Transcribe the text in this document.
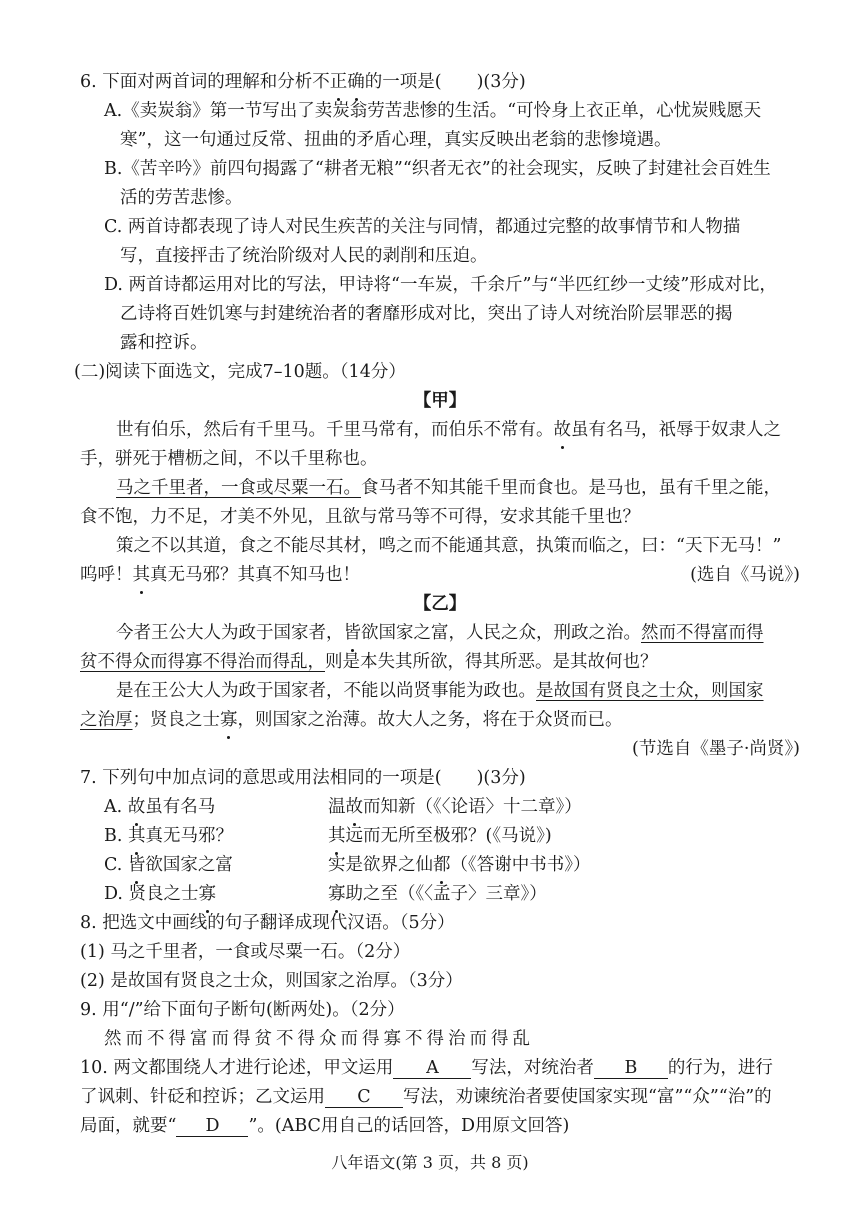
6. 下面对两首词的理解和分析不正确的一项是(　　)(3分)
A.《卖炭翁》第一节写出了卖炭翁劳苦悲惨的生活。“可怜身上衣正单，心忧炭贱愿天
寒”，这一句通过反常、扭曲的矛盾心理，真实反映出老翁的悲惨境遇。
B.《苦辛吟》前四句揭露了“耕者无粮”“织者无衣”的社会现实，反映了封建社会百姓生
活的劳苦悲惨。
C. 两首诗都表现了诗人对民生疾苦的关注与同情，都通过完整的故事情节和人物描
写，直接抨击了统治阶级对人民的剥削和压迫。
D. 两首诗都运用对比的写法，甲诗将“一车炭，千余斤”与“半匹红纱一丈绫”形成对比，
乙诗将百姓饥寒与封建统治者的奢靡形成对比，突出了诗人对统治阶层罪恶的揭
露和控诉。
(二)阅读下面选文，完成7–10题。（14分）
【甲】
世有伯乐，然后有千里马。千里马常有，而伯乐不常有。故虽有名马，祇辱于奴隶人之
手，骈死于槽枥之间，不以千里称也。
马之千里者，一食或尽粟一石。食马者不知其能千里而食也。是马也，虽有千里之能，
食不饱，力不足，才美不外见，且欲与常马等不可得，安求其能千里也？
策之不以其道，食之不能尽其材，鸣之而不能通其意，执策而临之，曰：“天下无马！”
呜呼！其真无马邪？其真不知马也！	(选自《马说》)
【乙】
今者王公大人为政于国家者，皆欲国家之富，人民之众，刑政之治。然而不得富而得
贫不得众而得寡不得治而得乱，则是本失其所欲，得其所恶。是其故何也？
是在王公大人为政于国家者，不能以尚贤事能为政也。是故国有贤良之士众，则国家
之治厚；贤良之士寡，则国家之治薄。故大人之务，将在于众贤而已。
(节选自《墨子·尚贤》)
7. 下列句中加点词的意思或用法相同的一项是(　　)(3分)
A. 故虽有名马	温故而知新（《〈论语〉十二章》）
B. 其真无马邪？	其远而无所至极邪？(《马说》)
C. 皆欲国家之富	实是欲界之仙都（《答谢中书书》）
D. 贤良之士寡	寡助之至（《〈孟子〉三章》）
8. 把选文中画线的句子翻译成现代汉语。（5分）
(1) 马之千里者，一食或尽粟一石。（2分）
(2) 是故国有贤良之士众，则国家之治厚。（3分）
9. 用“/”给下面句子断句(断两处)。（2分）
然而不得富而得贫不得众而得寡不得治而得乱
10. 两文都围绕人才进行论述，甲文运用 A 写法，对统治者 B 的行为，进行
了讽刺、针砭和控诉；乙文运用 C 写法，劝谏统治者要使国家实现“富”“众”“治”的
局面，就要“ D ”。(ABC用自己的话回答，D用原文回答)
八年语文(第 3 页，共 8 页)
